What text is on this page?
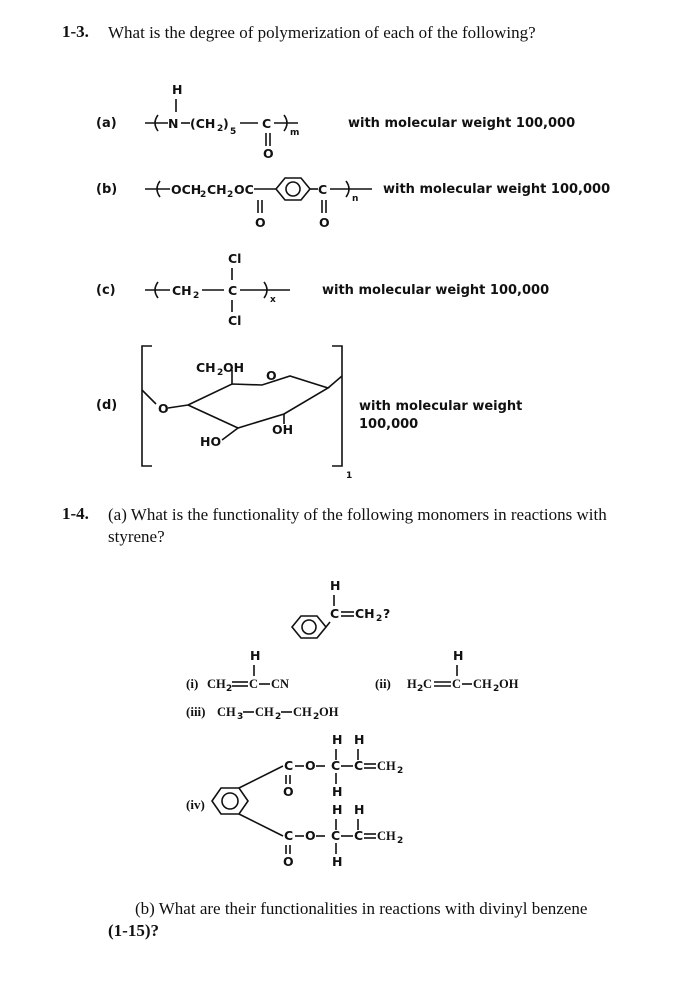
1-3. What is the degree of polymerization of each of the following?
(a)
H
N (CH 2 )
5
C
O
m
with molecular weight 100,000
(b)	OCH
2 CH 2 OC
O
C
O
n
with molecular weight 100,000
(c)
Cl
CH 2 C
Cl
x
with molecular weight 100,000
(d)
1
O
O
CH 2 OH
OH
HO
with molecular weight
100,000
H
C CH 2 ?
(i)
H
CH 2 C CN	(ii)
H
H 2 C C CH 2 OH
(iii) CH 3 CH 2 CH 2 OH
(iv)
C
O
O
H H
C
H
C CH 2
C
O
O
H H
C
H
C CH 2
1-4. (a) What is the functionality of the following monomers in reactions with
styrene?
(b) What are their functionalities in reactions with divinyl benzene
(1-15)?
